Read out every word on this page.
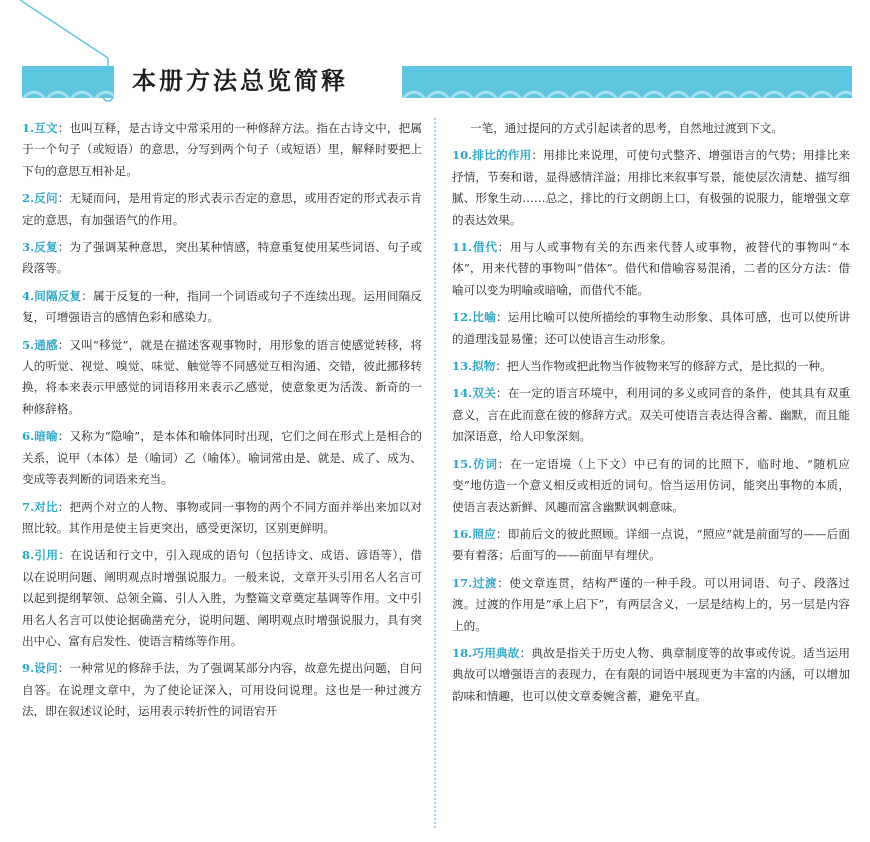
本册方法总览简释
1.互文：也叫互释，是古诗文中常采用的一种修辞方法。指在古诗文中，把属于一个句子（或短语）的意思，分写到两个句子（或短语）里，解释时要把上下句的意思互相补足。
2.反问：无疑而问，是用肯定的形式表示否定的意思，或用否定的形式表示肯定的意思，有加强语气的作用。
3.反复：为了强调某种意思，突出某种情感，特意重复使用某些词语、句子或段落等。
4.间隔反复：属于反复的一种，指同一个词语或句子不连续出现。运用间隔反复，可增强语言的感情色彩和感染力。
5.通感：又叫“移觉”，就是在描述客观事物时，用形象的语言使感觉转移，将人的听觉、视觉、嗅觉、味觉、触觉等不同感觉互相沟通、交错，彼此挪移转换，将本来表示甲感觉的词语移用来表示乙感觉，使意象更为活泼、新奇的一种修辞格。
6.暗喻：又称为“隐喻”，是本体和喻体同时出现，它们之间在形式上是相合的关系，说甲（本体）是（喻词）乙（喻体）。喻词常由是、就是、成了、成为、变成等表判断的词语来充当。
7.对比：把两个对立的人物、事物或同一事物的两个不同方面并举出来加以对照比较。其作用是使主旨更突出，感受更深切，区别更鲜明。
8.引用：在说话和行文中，引入现成的语句（包括诗文、成语、谚语等），借以在说明问题、阐明观点时增强说服力。一般来说，文章开头引用名人名言可以起到提纲挈领、总领全篇、引人入胜，为整篇文章奠定基调等作用。文中引用名人名言可以使论据确凿充分，说明问题、阐明观点时增强说服力，具有突出中心、富有启发性、使语言精练等作用。
9.设问：一种常见的修辞手法，为了强调某部分内容，故意先提出问题，自问自答。在说理文章中，为了使论证深入，可用设问说理。这也是一种过渡方法，即在叙述议论时，运用表示转折性的词语宕开
一笔，通过提问的方式引起读者的思考，自然地过渡到下文。
10.排比的作用：用排比来说理，可使句式整齐、增强语言的气势；用排比来抒情，节奏和谐，显得感情洋溢；用排比来叙事写景，能使层次清楚、描写细腻、形象生动……总之，排比的行文朗朗上口，有极强的说服力，能增强文章的表达效果。
11.借代：用与人或事物有关的东西来代替人或事物，被替代的事物叫“本体”，用来代替的事物叫“借体”。借代和借喻容易混淆，二者的区分方法：借喻可以变为明喻或暗喻，而借代不能。
12.比喻：运用比喻可以使所描绘的事物生动形象、具体可感，也可以使所讲的道理浅显易懂；还可以使语言生动形象。
13.拟物：把人当作物或把此物当作彼物来写的修辞方式，是比拟的一种。
14.双关：在一定的语言环境中，利用词的多义或同音的条件，使其具有双重意义，言在此而意在彼的修辞方式。双关可使语言表达得含蓄、幽默，而且能加深语意，给人印象深刻。
15.仿词：在一定语境（上下文）中已有的词的比照下，临时地、“随机应变”地仿造一个意义相反或相近的词句。恰当运用仿词，能突出事物的本质，使语言表达新鲜、风趣而富含幽默讽刺意味。
16.照应：即前后文的彼此照顾。详细一点说，“照应”就是前面写的——后面要有着落；后面写的——前面早有埋伏。
17.过渡：使文章连贯，结构严谨的一种手段。可以用词语、句子、段落过渡。过渡的作用是“承上启下”，有两层含义，一层是结构上的，另一层是内容上的。
18.巧用典故：典故是指关于历史人物、典章制度等的故事或传说。适当运用典故可以增强语言的表现力，在有限的词语中展现更为丰富的内涵，可以增加韵味和情趣，也可以使文章委婉含蓄，避免平直。
